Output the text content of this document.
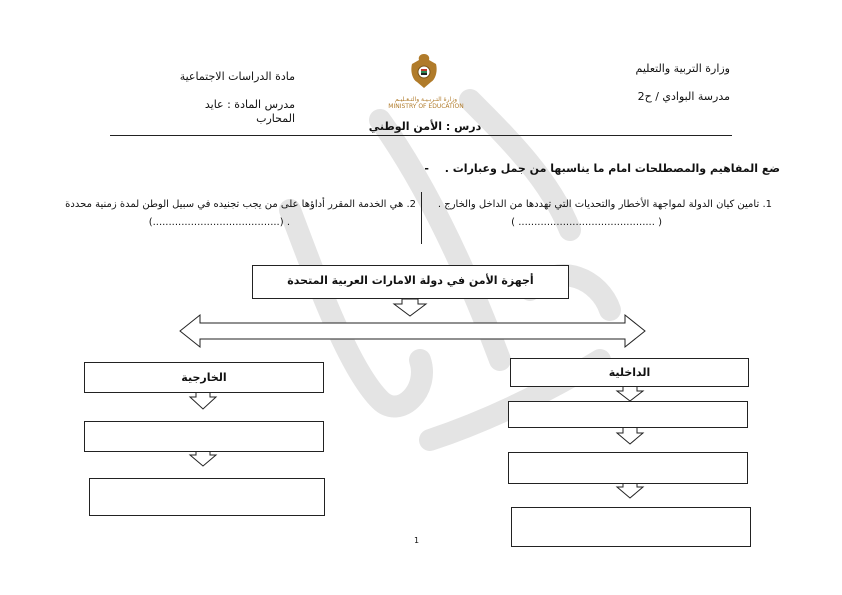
وزارة التربية والتعليم
مدرسة البوادي / ح2
مادة الدراسات الاجتماعية
مدرس المادة : عايد المحارب
وزارة التـربـيـة والتـعـليـم
MINISTRY OF EDUCATION
درس : الأمن الوطني
ضع المفاهيم والمصطلحات امام ما يناسبها من جمل وعبارات . -
1. تامين كيان الدولة لمواجهة الأخطار والتحديات التي تهددها من الداخل والخارج .
( ........................................... )
2. هي الخدمة المقرر أداؤها على من يجب تجنيده في سبيل الوطن لمدة زمنية محددة
(........................................) .
أجهزة الأمن في دولة الامارات العربية المتحدة
الخارجية	الداخلية
1
